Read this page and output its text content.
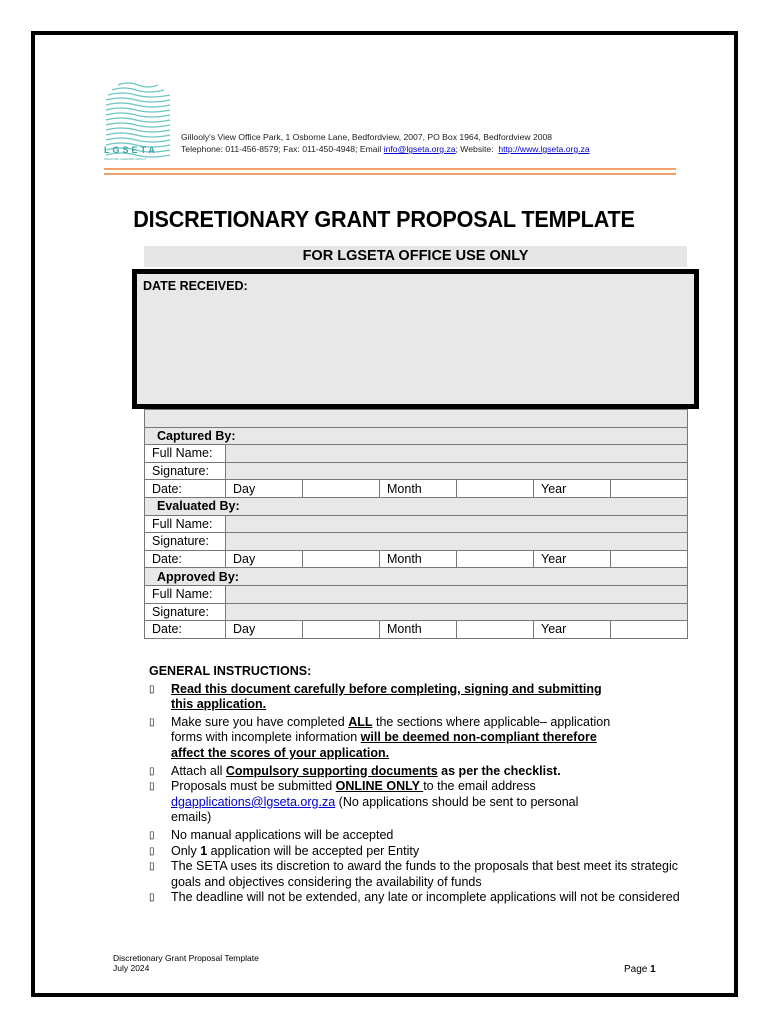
LGSETA
CREATING GREATER IMPACT
Gillooly's View Office Park, 1 Osborne Lane, Bedfordview, 2007, PO Box 1964, Bedfordview 2008
Telephone: 011-456-8579; Fax: 011-450-4948; Email info@lgseta.org.za; Website: http://www.lgseta.org.za
DISCRETIONARY GRANT PROPOSAL TEMPLATE
FOR LGSETA OFFICE USE ONLY
DATE RECEIVED:

Captured By:						
Full Name:						
Signature:						
Date:	Day		Month		Year	
Evaluated By:						
Full Name:						
Signature:						
Date:	Day		Month		Year	
Approved By:						
Full Name:						
Signature:						
Date:	Day		Month		Year	
GENERAL INSTRUCTIONS:
▯ Read this document carefully before completing, signing and submitting this application.
▯ Make sure you have completed ALL the sections where applicable– application forms with incomplete information will be deemed non-compliant therefore affect the scores of your application.
▯ Attach all Compulsory supporting documents as per the checklist.
▯ Proposals must be submitted ONLINE ONLY to the email address
dgapplications@lgseta.org.za (No applications should be sent to personal emails)
▯ No manual applications will be accepted
▯ Only 1 application will be accepted per Entity
▯ The SETA uses its discretion to award the funds to the proposals that best meet its strategic goals and objectives considering the availability of funds
▯ The deadline will not be extended, any late or incomplete applications will not be considered
Discretionary Grant Proposal Template
July 2024	Page 1
